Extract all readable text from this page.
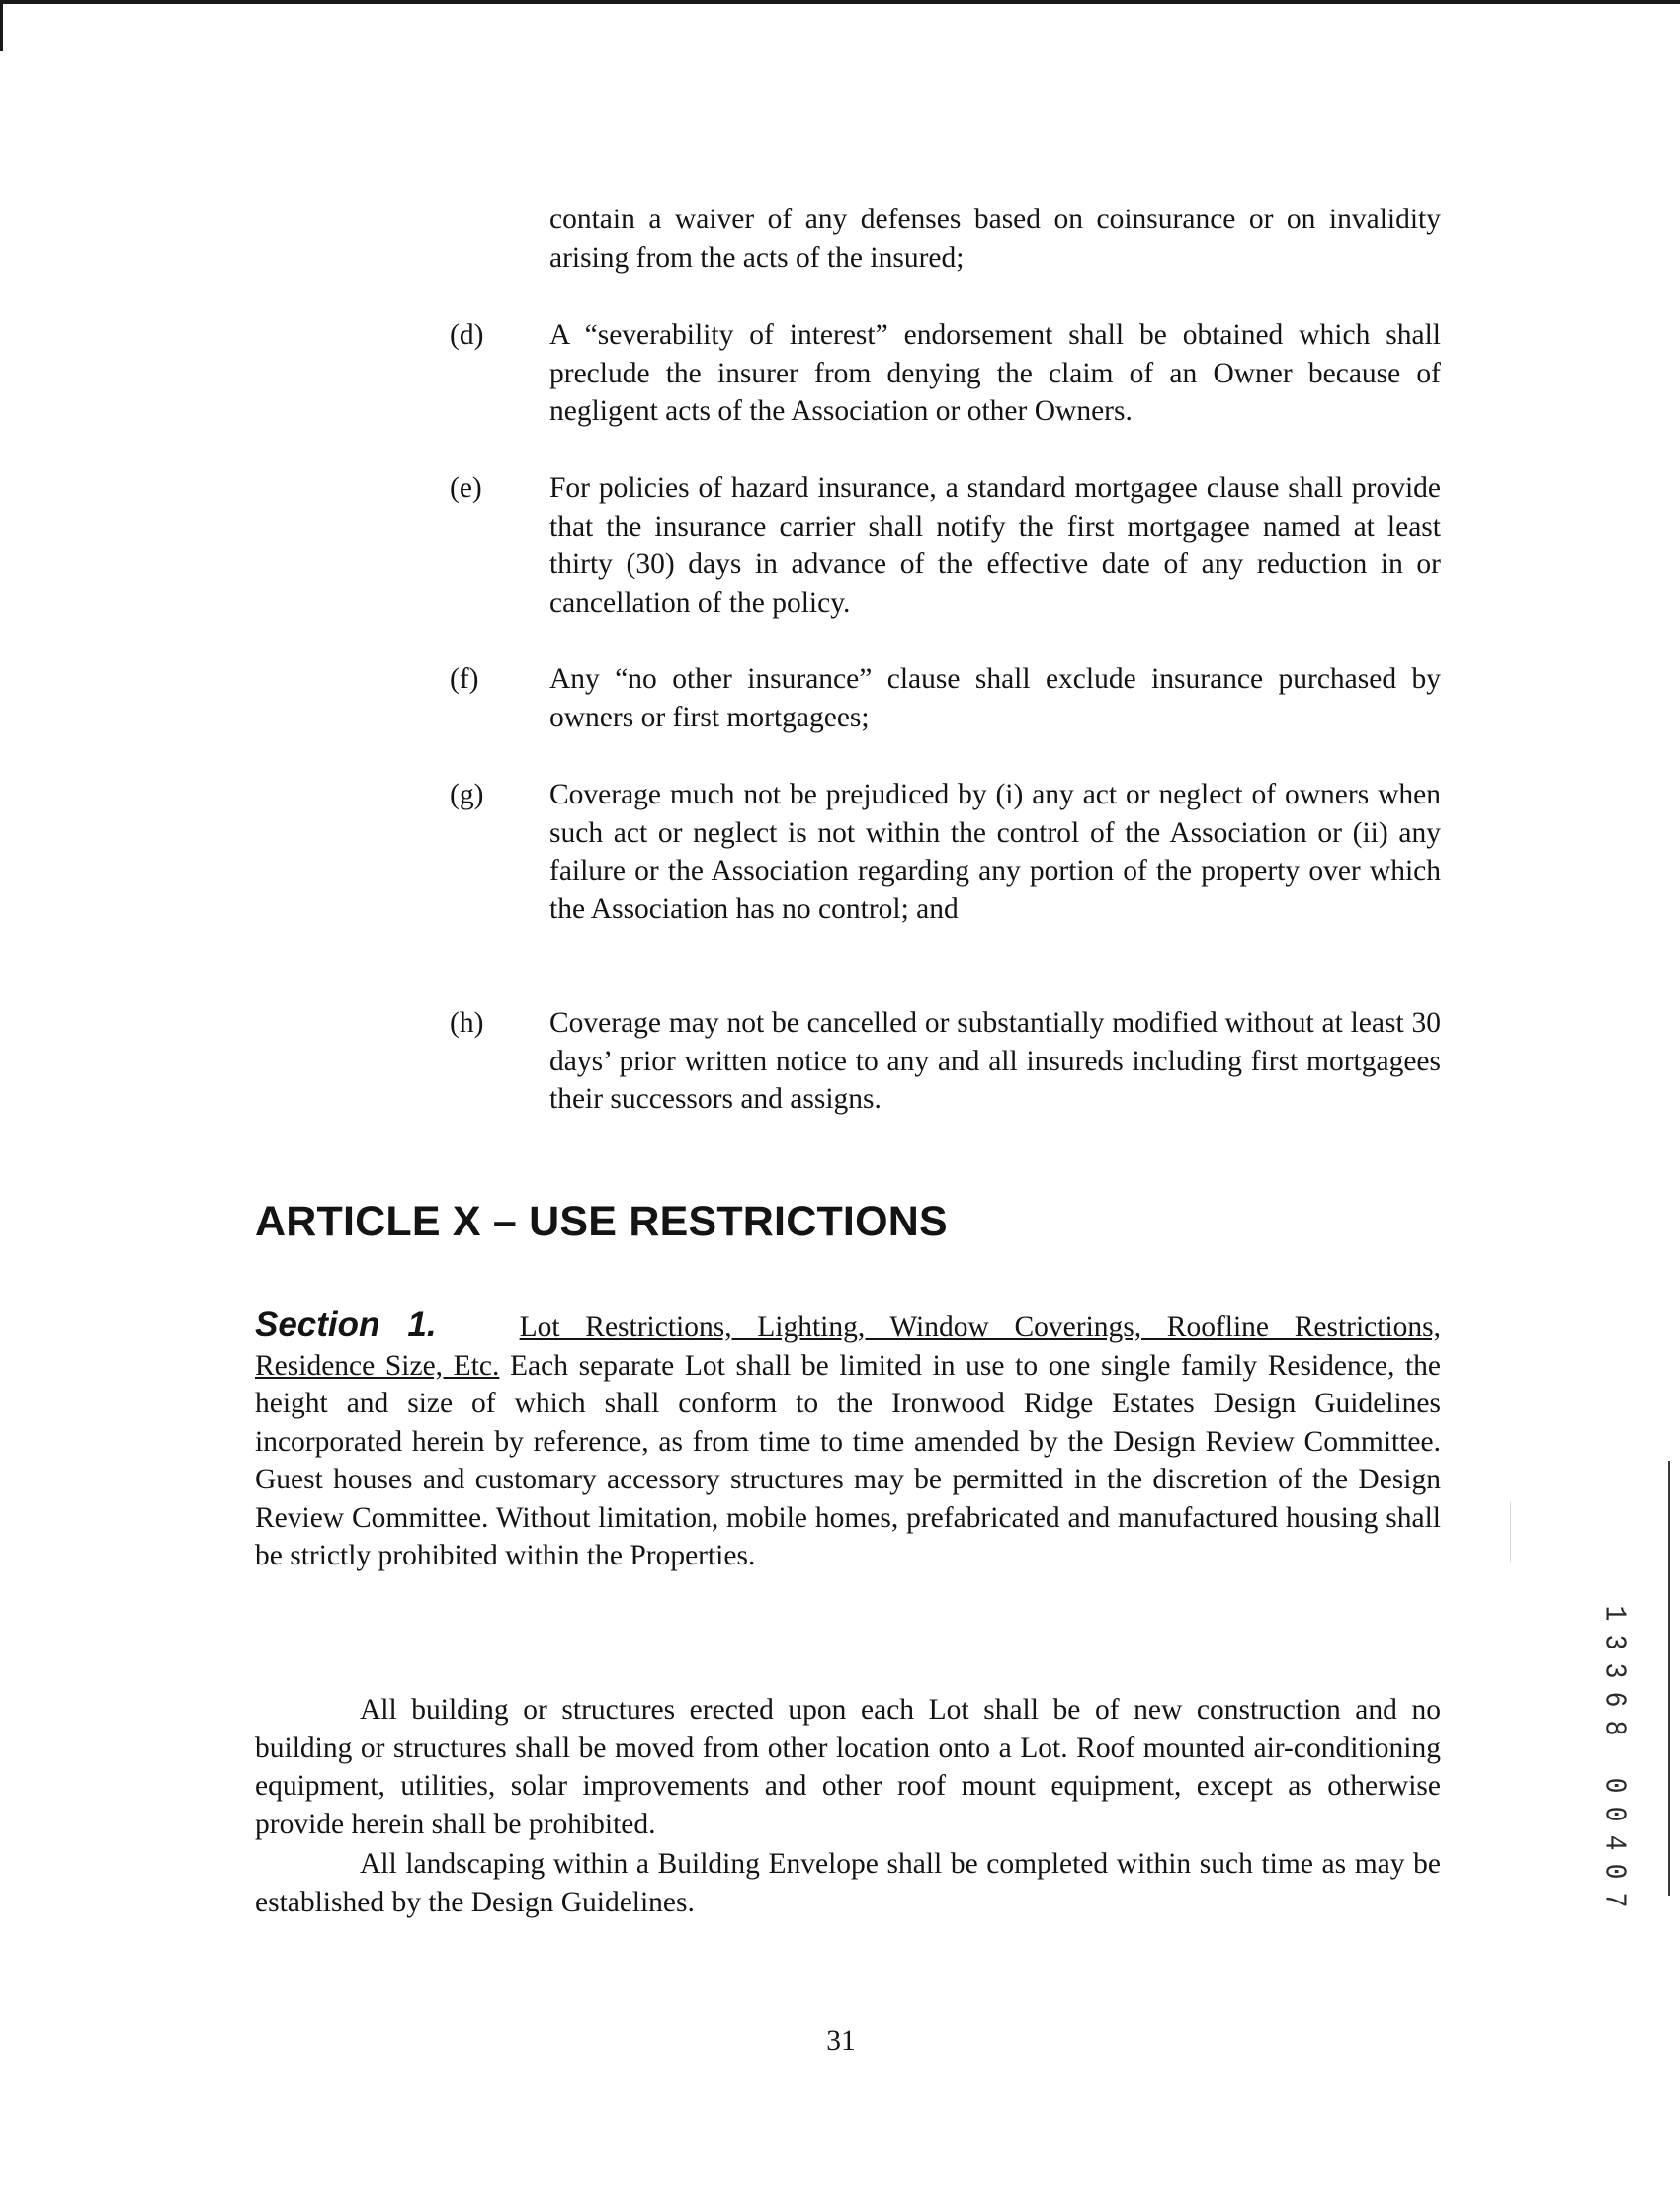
contain a waiver of any defenses based on coinsurance or on invalidity arising from the acts of the insured;

(d) A “severability of interest” endorsement shall be obtained which shall preclude the insurer from denying the claim of an Owner because of negligent acts of the Association or other Owners.

(e) For policies of hazard insurance, a standard mortgagee clause shall provide that the insurance carrier shall notify the first mortgagee named at least thirty (30) days in advance of the effective date of any reduction in or cancellation of the policy.

(f) Any “no other insurance” clause shall exclude insurance purchased by owners or first mortgagees;

(g) Coverage much not be prejudiced by (i) any act or neglect of owners when such act or neglect is not within the control of the Association or (ii) any failure or the Association regarding any portion of the property over which the Association has no control; and

(h) Coverage may not be cancelled or substantially modified without at least 30 days’ prior written notice to any and all insureds including first mortgagees their successors and assigns.

ARTICLE X – USE RESTRICTIONS

Section 1.	Lot Restrictions, Lighting, Window Coverings, Roofline Restrictions, Residence Size, Etc. Each separate Lot shall be limited in use to one single family Residence, the height and size of which shall conform to the Ironwood Ridge Estates Design Guidelines incorporated herein by reference, as from time to time amended by the Design Review Committee. Guest houses and customary accessory structures may be permitted in the discretion of the Design Review Committee. Without limitation, mobile homes, prefabricated and manufactured housing shall be strictly prohibited within the Properties.

All building or structures erected upon each Lot shall be of new construction and no building or structures shall be moved from other location onto a Lot. Roof mounted air-conditioning equipment, utilities, solar improvements and other roof mount equipment, except as otherwise provide herein shall be prohibited.

All landscaping within a Building Envelope shall be completed within such time as may be established by the Design Guidelines.

31

1
3
3
6
8
0
0
4
0
7
